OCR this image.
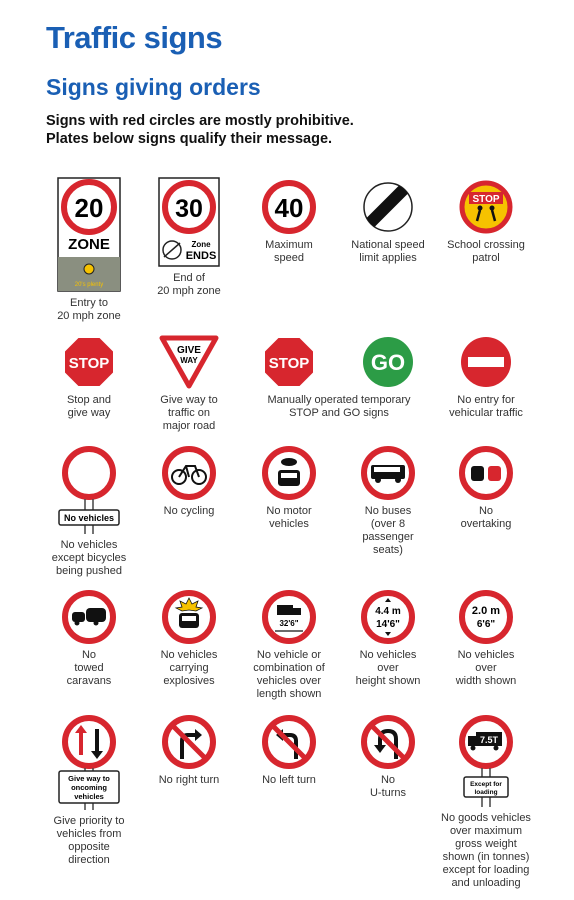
Traffic signs
Signs giving orders
Signs with red circles are mostly prohibitive.
Plates below signs qualify their message.
20
ZONE
20's plenty
Entry to
20 mph zone
30
Zone
ENDS
End of
20 mph zone
40
Maximum
speed
National speed
limit applies
STOP
School crossing
patrol
STOP
Stop and
give way
GIVE
WAY
Give way to
traffic on
major road
STOP	GO
Manually operated temporary
STOP and GO signs
No entry for
vehicular traffic
No vehicles
No vehicles
except bicycles
being pushed
No cycling	No motor
vehicles
No buses
(over 8
passenger
seats)
No
overtaking
No
towed
caravans
No vehicles
carrying
explosives
32'6"
No vehicle or
combination of
vehicles over
length shown
4.4 m
14'6"
No vehicles
over
height shown
2.0 m
6'6"
No vehicles
over
width shown
Give way to
oncoming
vehicles
Give priority to
vehicles from
opposite
direction
No right turn	No left turn	No
U-turns
7.5T
Except for
loading
No goods vehicles
over maximum
gross weight
shown (in tonnes)
except for loading
and unloading
